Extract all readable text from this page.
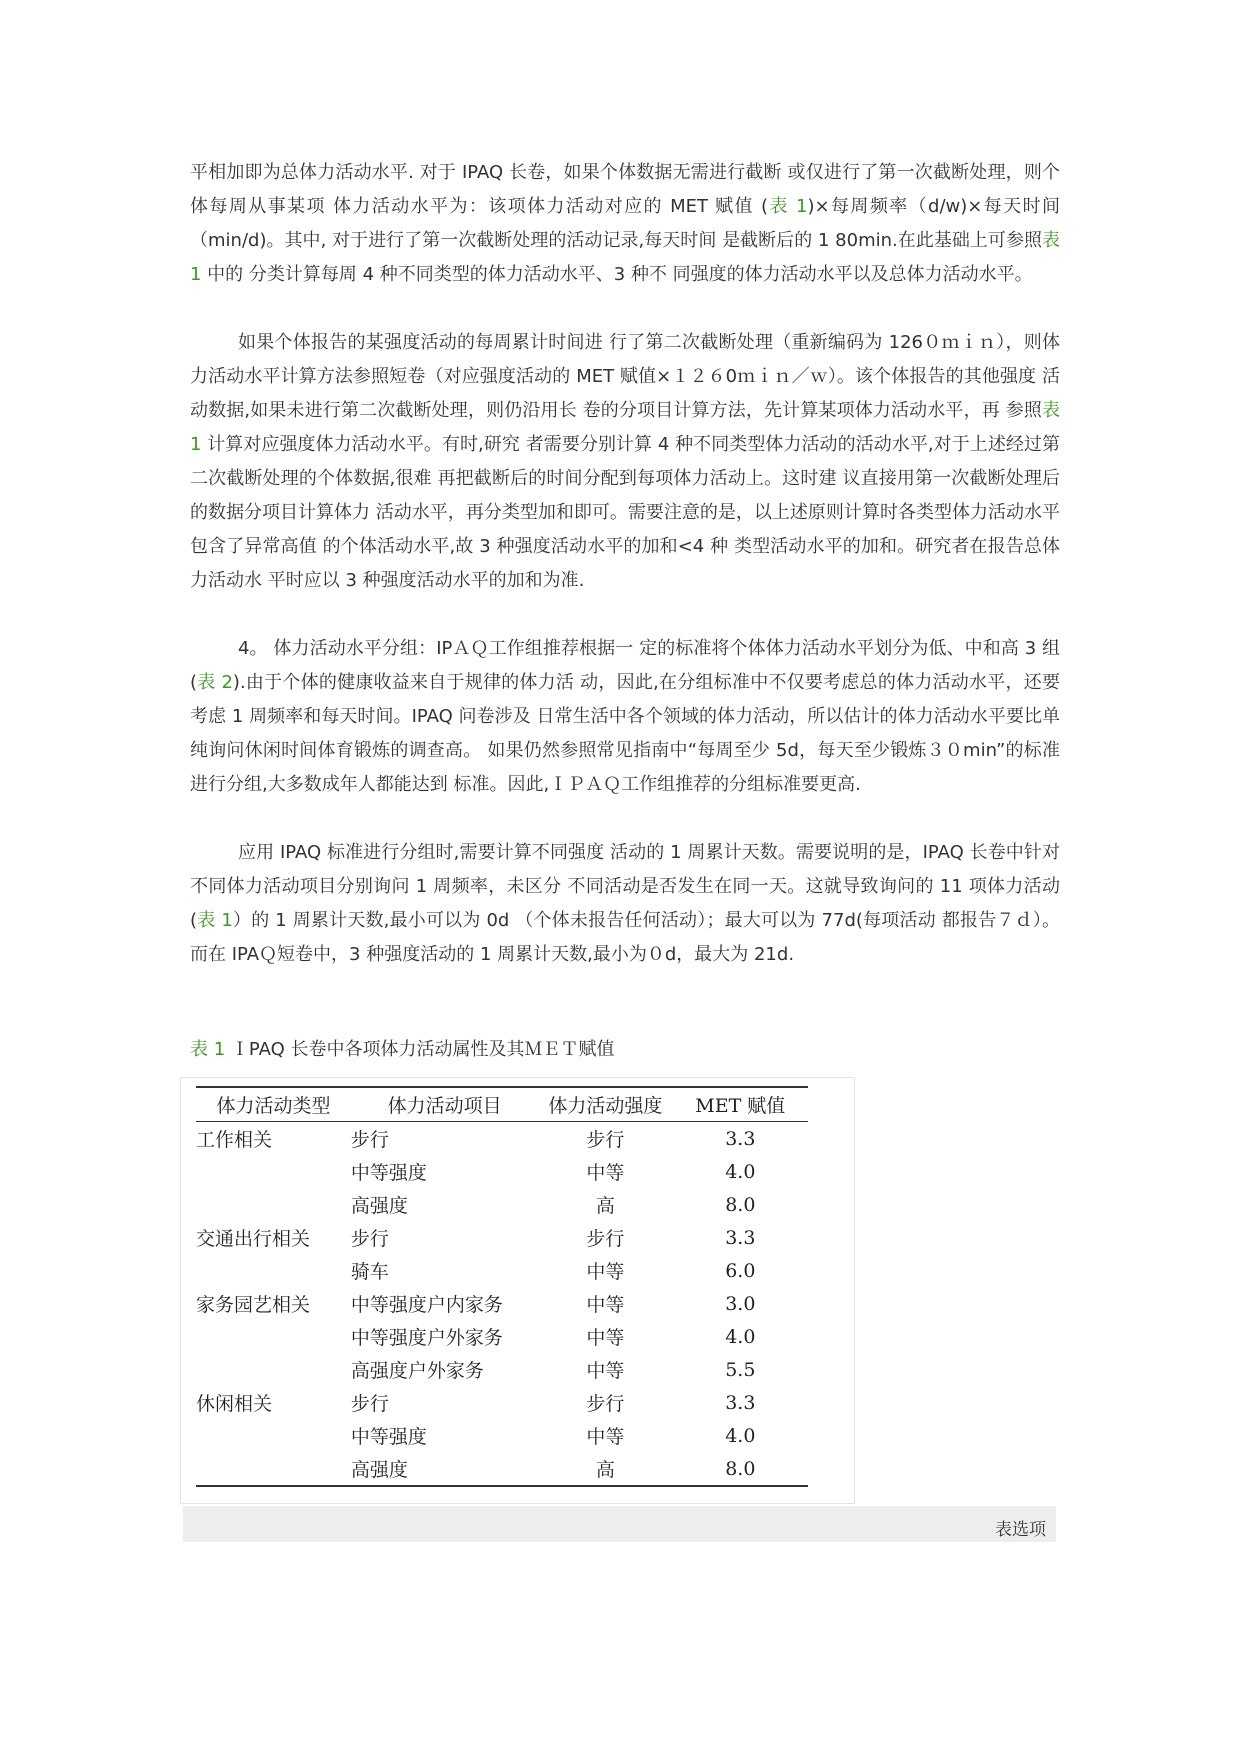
平相加即为总体力活动水平. 对于 IPAQ 长卷，如果个体数据无需进行截断 或仅进行了第一次截断处理，则个体每周从事某项 体力活动水平为：该项体力活动对应的 MET 赋值 (表 1)×每周频率（d/w)×每天时间（min/d)。其中, 对于进行了第一次截断处理的活动记录,每天时间 是截断后的 1 80min.在此基础上可参照表 1 中的 分类计算每周 4 种不同类型的体力活动水平、3 种不 同强度的体力活动水平以及总体力活动水平。

如果个体报告的某强度活动的每周累计时间进 行了第二次截断处理（重新编码为 126０ｍｉｎ），则体 力活动水平计算方法参照短卷（对应强度活动的 MET 赋值×１２６0ｍｉｎ／ｗ）。该个体报告的其他强度 活动数据,如果未进行第二次截断处理，则仍沿用长 卷的分项目计算方法，先计算某项体力活动水平，再 参照表 1 计算对应强度体力活动水平。有时,研究 者需要分别计算 4 种不同类型体力活动的活动水平,对于上述经过第二次截断处理的个体数据,很难 再把截断后的时间分配到每项体力活动上。这时建 议直接用第一次截断处理后的数据分项目计算体力 活动水平，再分类型加和即可。需要注意的是，以上述原则计算时各类型体力活动水平包含了异常高值 的个体活动水平,故 3 种强度活动水平的加和<4 种 类型活动水平的加和。研究者在报告总体力活动水 平时应以 3 种强度活动水平的加和为准.

4。 体力活动水平分组：IPＡＱ工作组推荐根据一 定的标准将个体体力活动水平划分为低、中和高 3 组 (表 2).由于个体的健康收益来自于规律的体力活 动，因此,在分组标准中不仅要考虑总的体力活动水平，还要考虑 1 周频率和每天时间。IPAQ 问卷涉及 日常生活中各个领域的体力活动，所以估计的体力活动水平要比单纯询问休闲时间体育锻炼的调查高。 如果仍然参照常见指南中“每周至少 5d，每天至少锻炼３０min”的标准进行分组,大多数成年人都能达到 标准。因此,ＩＰＡＱ工作组推荐的分组标准要更高.

应用 IPAQ 标准进行分组时,需要计算不同强度 活动的 1 周累计天数。需要说明的是，IPAQ 长卷中针对不同体力活动项目分别询问 1 周频率，未区分 不同活动是否发生在同一天。这就导致询问的 11 项体力活动(表 1）的 1 周累计天数,最小可以为 0d （个体未报告任何活动）；最大可以为 77d(每项活动 都报告７ｄ）。而在 IPAＱ短卷中，3 种强度活动的 1 周累计天数,最小为０d，最大为 21d.

表 1 ＩPAQ 长卷中各项体力活动属性及其ＭＥＴ赋值
体力活动类型	体力活动项目	体力活动强度	MET 赋值
工作相关	步行	步行	3.3
	中等强度	中等	4.0
	高强度	高	8.0
交通出行相关	步行	步行	3.3
	骑车	中等	6.0
家务园艺相关	中等强度户内家务	中等	3.0
	中等强度户外家务	中等	4.0
	高强度户外家务	中等	5.5
休闲相关	步行	步行	3.3
	中等强度	中等	4.0
	高强度	高	8.0
表选项
